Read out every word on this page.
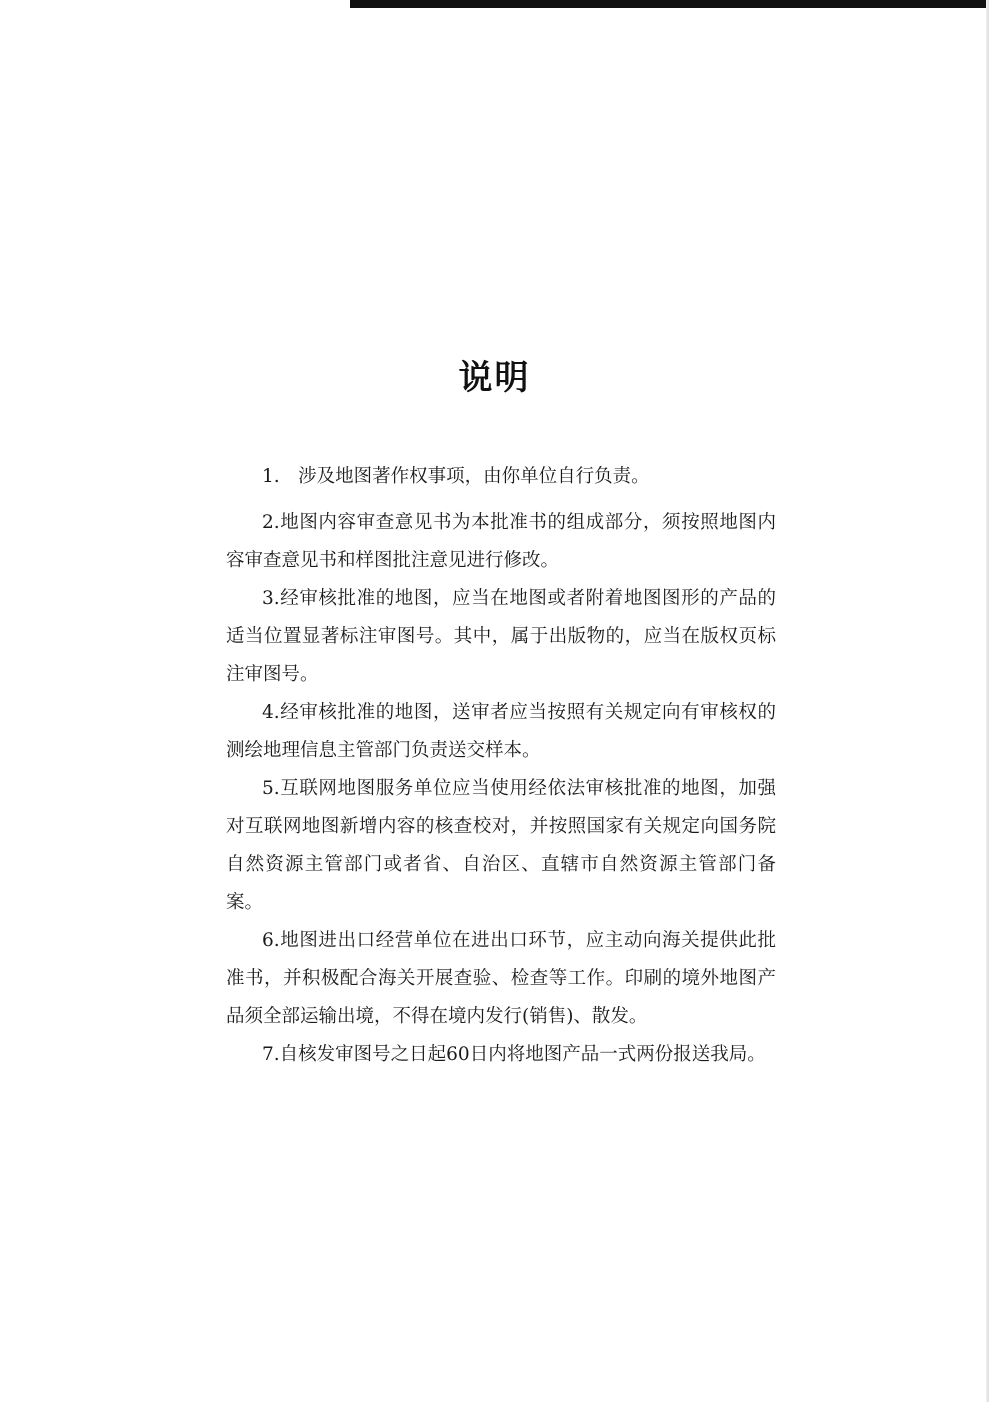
说明
1.　涉及地图著作权事项，由你单位自行负责。
2.地图内容审查意见书为本批准书的组成部分，须按照地图内容审查意见书和样图批注意见进行修改。
3.经审核批准的地图，应当在地图或者附着地图图形的产品的适当位置显著标注审图号。其中，属于出版物的，应当在版权页标注审图号。
4.经审核批准的地图，送审者应当按照有关规定向有审核权的测绘地理信息主管部门负责送交样本。
5.互联网地图服务单位应当使用经依法审核批准的地图，加强对互联网地图新增内容的核查校对，并按照国家有关规定向国务院自然资源主管部门或者省、自治区、直辖市自然资源主管部门备案。
6.地图进出口经营单位在进出口环节，应主动向海关提供此批准书，并积极配合海关开展查验、检查等工作。印刷的境外地图产品须全部运输出境，不得在境内发行(销售)、散发。
7.自核发审图号之日起60日内将地图产品一式两份报送我局。
